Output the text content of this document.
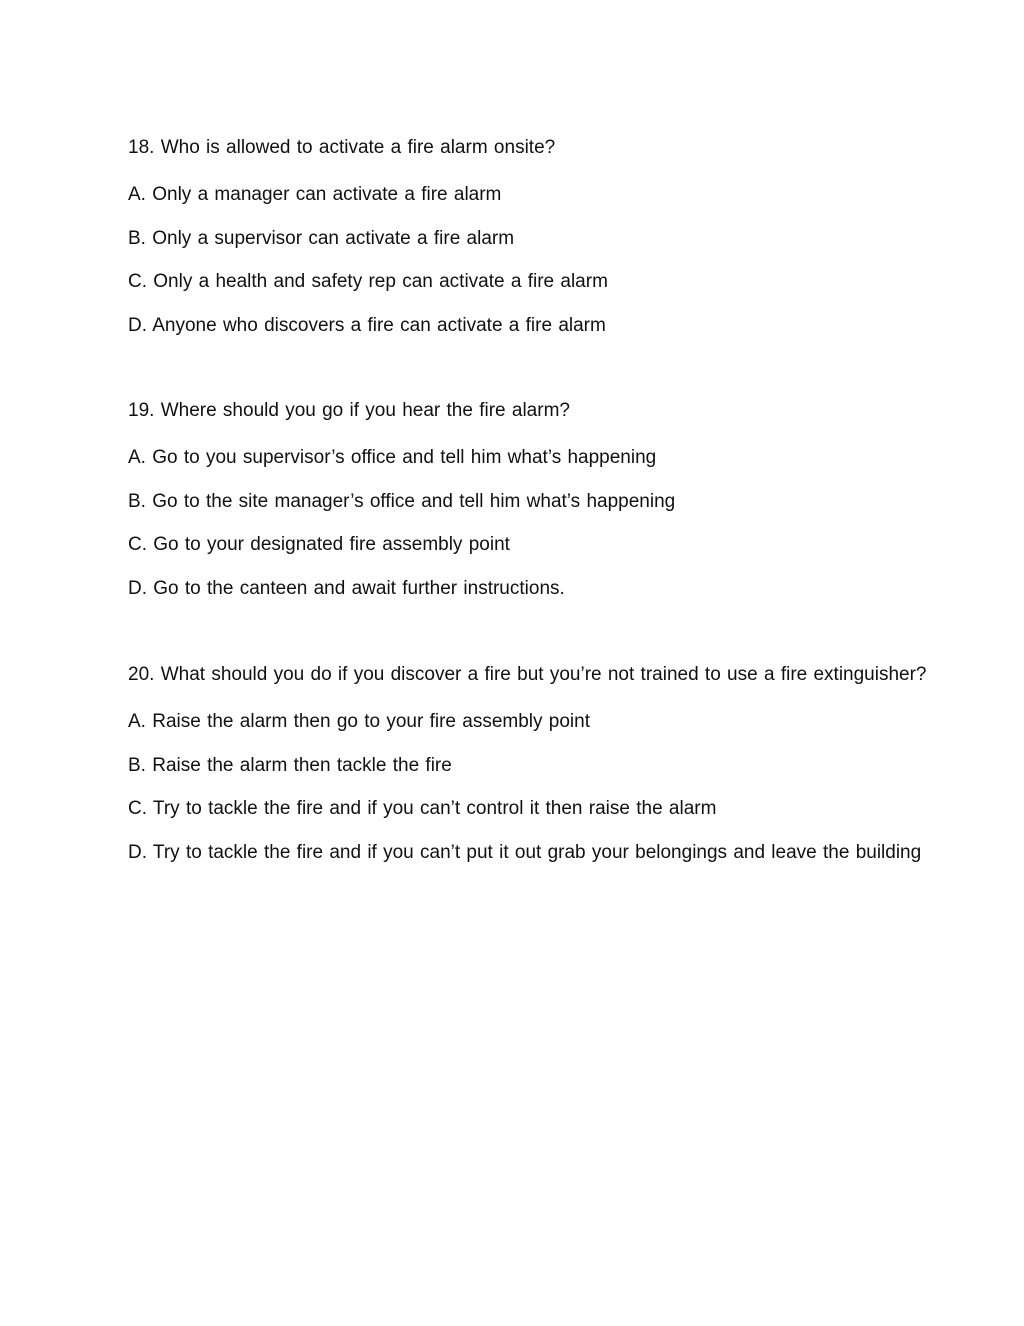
18. Who is allowed to activate a fire alarm onsite?

A. Only a manager can activate a fire alarm
B. Only a supervisor can activate a fire alarm
C. Only a health and safety rep can activate a fire alarm
D. Anyone who discovers a fire can activate a fire alarm

19. Where should you go if you hear the fire alarm?

A. Go to you supervisor’s office and tell him what’s happening
B. Go to the site manager’s office and tell him what’s happening
C. Go to your designated fire assembly point
D. Go to the canteen and await further instructions.

20. What should you do if you discover a fire but you’re not trained to use a fire extinguisher?

A. Raise the alarm then go to your fire assembly point
B. Raise the alarm then tackle the fire
C. Try to tackle the fire and if you can’t control it then raise the alarm
D. Try to tackle the fire and if you can’t put it out grab your belongings and leave the building
